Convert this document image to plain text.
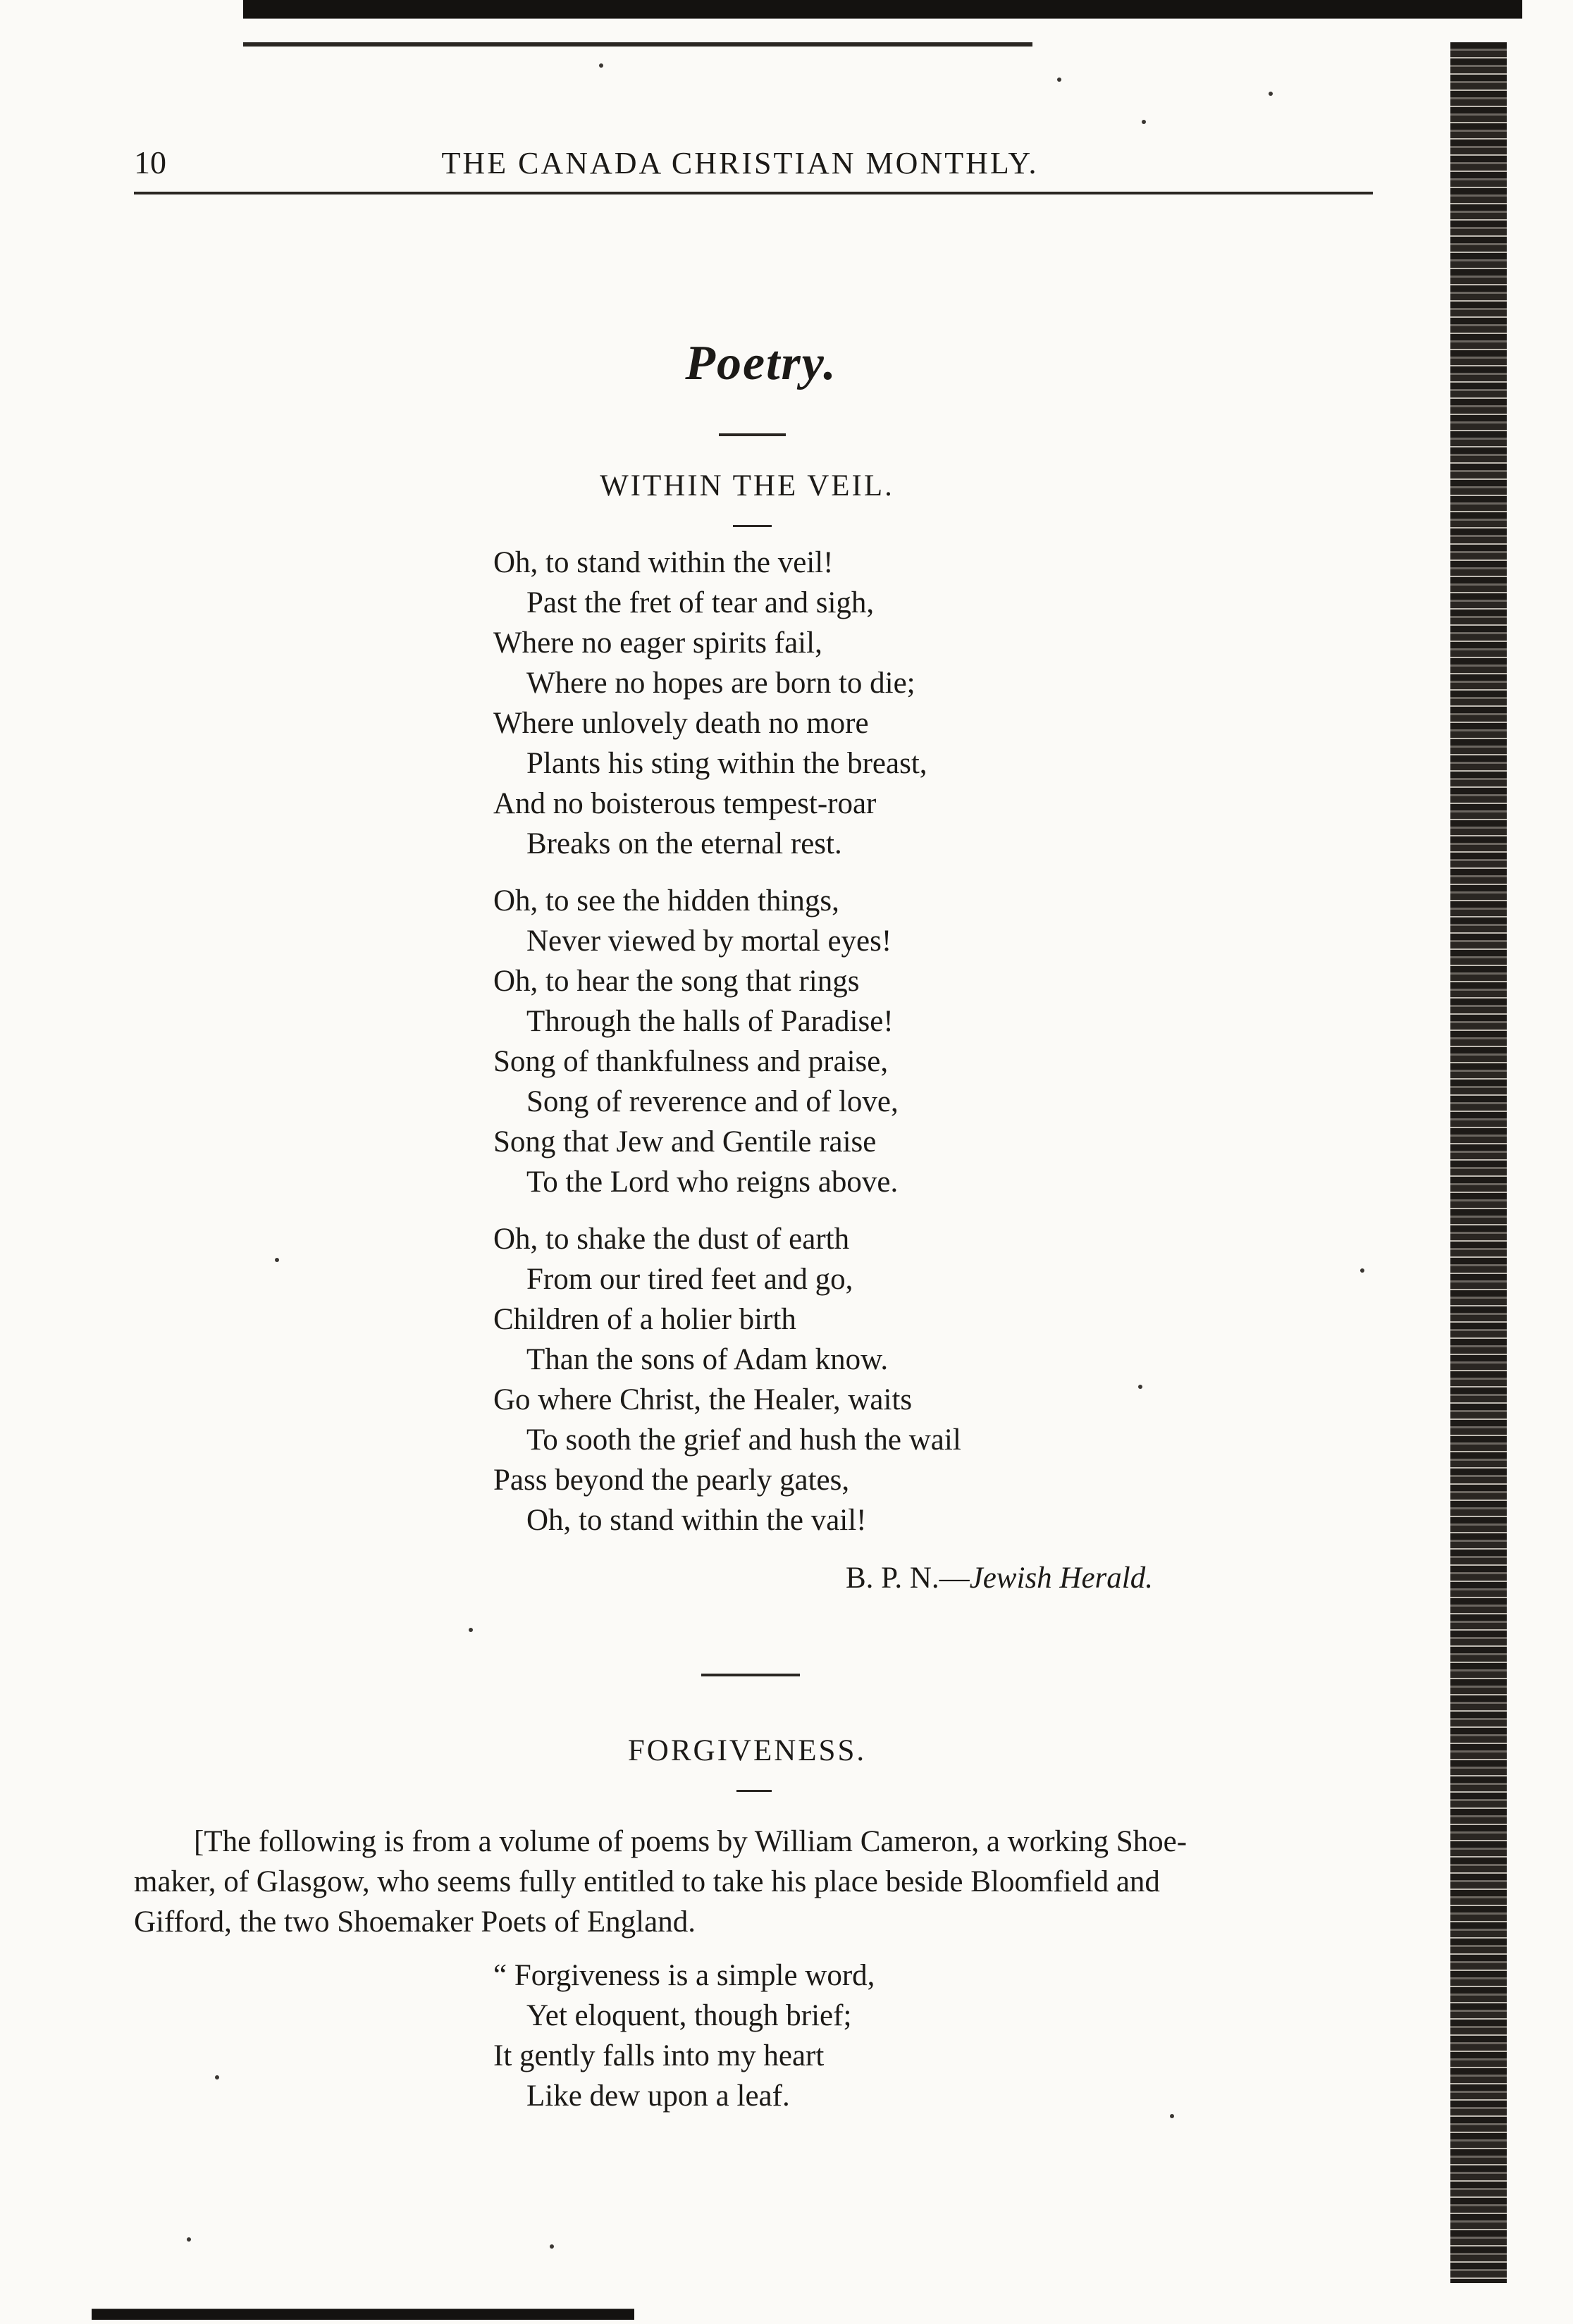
10	THE CANADA CHRISTIAN MONTHLY.
Poetry.
WITHIN THE VEIL.
Oh, to stand within the veil!
Past the fret of tear and sigh,
Where no eager spirits fail,
Where no hopes are born to die;
Where unlovely death no more
Plants his sting within the breast,
And no boisterous tempest-roar
Breaks on the eternal rest.
Oh, to see the hidden things,
Never viewed by mortal eyes!
Oh, to hear the song that rings
Through the halls of Paradise!
Song of thankfulness and praise,
Song of reverence and of love,
Song that Jew and Gentile raise
To the Lord who reigns above.
Oh, to shake the dust of earth
From our tired feet and go,
Children of a holier birth
Than the sons of Adam know.
Go where Christ, the Healer, waits
To sooth the grief and hush the wail
Pass beyond the pearly gates,
Oh, to stand within the vail!
B. P. N.—Jewish Herald.
FORGIVENESS.
[The following is from a volume of poems by William Cameron, a working Shoe-
maker, of Glasgow, who seems fully entitled to take his place beside Bloomfield and
Gifford, the two Shoemaker Poets of England.
“ Forgiveness is a simple word,
Yet eloquent, though brief;
It gently falls into my heart
Like dew upon a leaf.
